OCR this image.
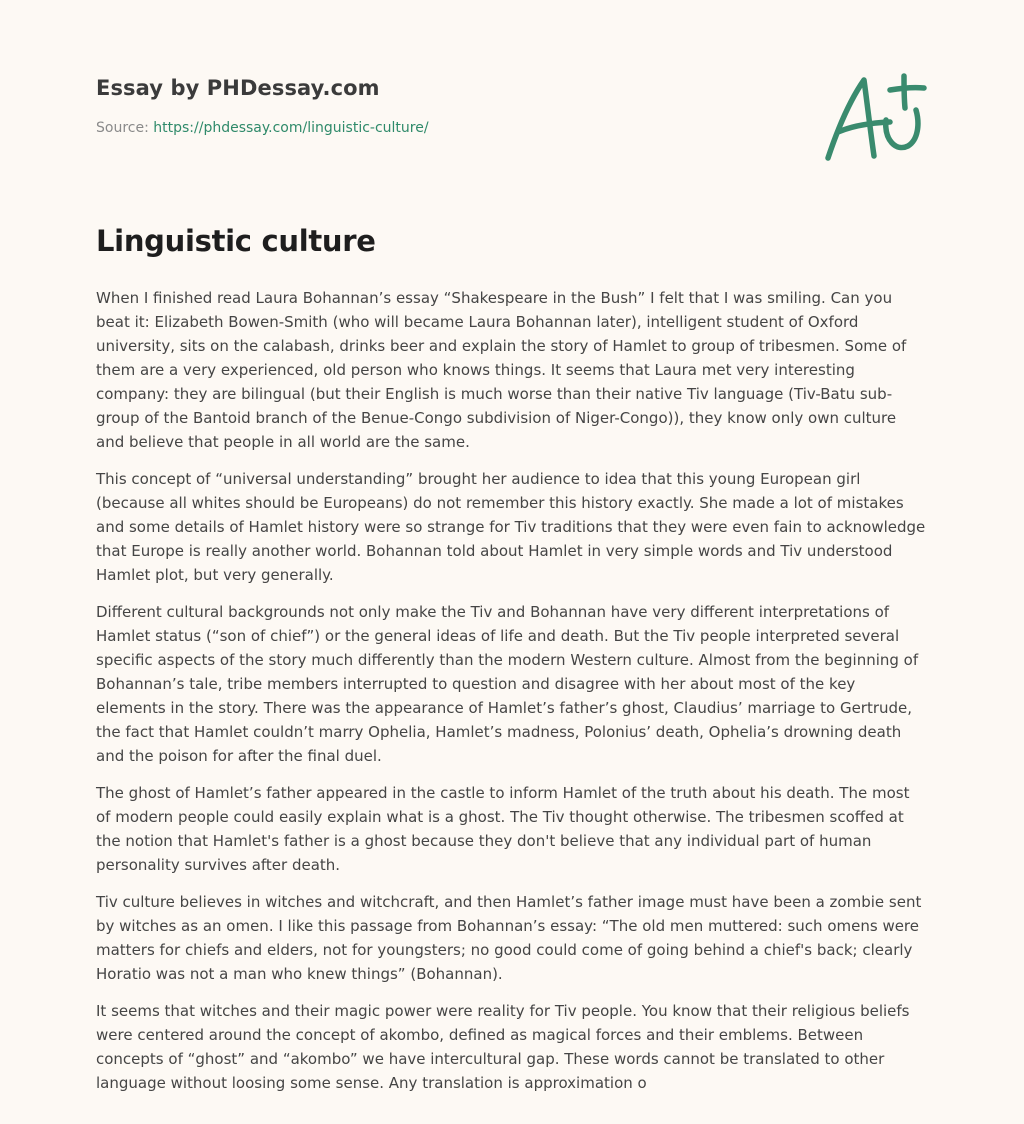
Essay by PHDessay.com
Source: https://phdessay.com/linguistic-culture/
Linguistic culture

When I finished read Laura Bohannan’s essay “Shakespeare in the Bush” I felt that I was smiling. Can you beat it: Elizabeth Bowen-Smith (who will became Laura Bohannan later), intelligent student of Oxford university, sits on the calabash, drinks beer and explain the story of Hamlet to group of tribesmen. Some of them are a very experienced, old person who knows things. It seems that Laura met very interesting company: they are bilingual (but their English is much worse than their native Tiv language (Tiv-Batu sub-group of the Bantoid branch of the Benue-Congo subdivision of Niger-Congo)), they know only own culture and believe that people in all world are the same.

This concept of “universal understanding” brought her audience to idea that this young European girl (because all whites should be Europeans) do not remember this history exactly. She made a lot of mistakes and some details of Hamlet history were so strange for Tiv traditions that they were even fain to acknowledge that Europe is really another world. Bohannan told about Hamlet in very simple words and Tiv understood Hamlet plot, but very generally.

Different cultural backgrounds not only make the Tiv and Bohannan have very different interpretations of Hamlet status (“son of chief”) or the general ideas of life and death. But the Tiv people interpreted several specific aspects of the story much differently than the modern Western culture. Almost from the beginning of Bohannan’s tale, tribe members interrupted to question and disagree with her about most of the key elements in the story. There was the appearance of Hamlet’s father’s ghost, Claudius’ marriage to Gertrude, the fact that Hamlet couldn’t marry Ophelia, Hamlet’s madness, Polonius’ death, Ophelia’s drowning death and the poison for after the final duel.

The ghost of Hamlet’s father appeared in the castle to inform Hamlet of the truth about his death. The most of modern people could easily explain what is a ghost. The Tiv thought otherwise. The tribesmen scoffed at the notion that Hamlet's father is a ghost because they don't believe that any individual part of human personality survives after death.

Tiv culture believes in witches and witchcraft, and then Hamlet’s father image must have been a zombie sent by witches as an omen. I like this passage from Bohannan’s essay: “The old men muttered: such omens were matters for chiefs and elders, not for youngsters; no good could come of going behind a chief's back; clearly Horatio was not a man who knew things” (Bohannan).

It seems that witches and their magic power were reality for Tiv people. You know that their religious beliefs were centered around the concept of akombo, defined as magical forces and their emblems. Between concepts of “ghost” and “akombo” we have intercultural gap. These words cannot be translated to other language without loosing some sense. Any translation is approximation o
